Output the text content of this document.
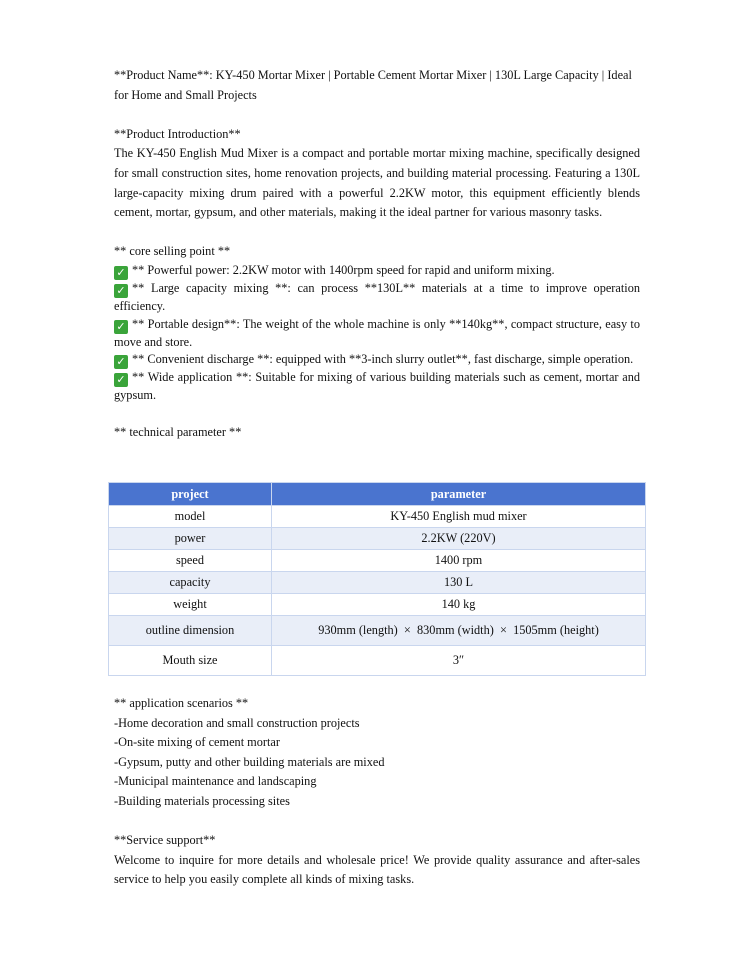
**Product Name**: KY-450 Mortar Mixer | Portable Cement Mortar Mixer | 130L Large Capacity | Ideal for Home and Small Projects

**Product Introduction**

The KY-450 English Mud Mixer is a compact and portable mortar mixing machine, specifically designed for small construction sites, home renovation projects, and building material processing. Featuring a 130L large-capacity mixing drum paired with a powerful 2.2KW motor, this equipment efficiently blends cement, mortar, gypsum, and other materials, making it the ideal partner for various masonry tasks.

** core selling point **

✓ ** Powerful power: 2.2KW motor with 1400rpm speed for rapid and uniform mixing.

✓ ** Large capacity mixing **: can process **130L** materials at a time to improve operation efficiency.

✓ ** Portable design**: The weight of the whole machine is only **140kg**, compact structure, easy to move and store.

✓ ** Convenient discharge **: equipped with **3-inch slurry outlet**, fast discharge, simple operation.

✓ ** Wide application **: Suitable for mixing of various building materials such as cement, mortar and gypsum.

** technical parameter **

project	parameter
model	KY-450 English mud mixer
power	2.2KW (220V)
speed	1400 rpm
capacity	130 L
weight	140 kg
outline dimension	930mm (length)  ×  830mm (width)  ×  1505mm (height)
Mouth size	3″

** application scenarios **

-Home decoration and small construction projects

-On-site mixing of cement mortar

-Gypsum, putty and other building materials are mixed

-Municipal maintenance and landscaping

-Building materials processing sites

**Service support**

Welcome to inquire for more details and wholesale price! We provide quality assurance and after-sales service to help you easily complete all kinds of mixing tasks.
